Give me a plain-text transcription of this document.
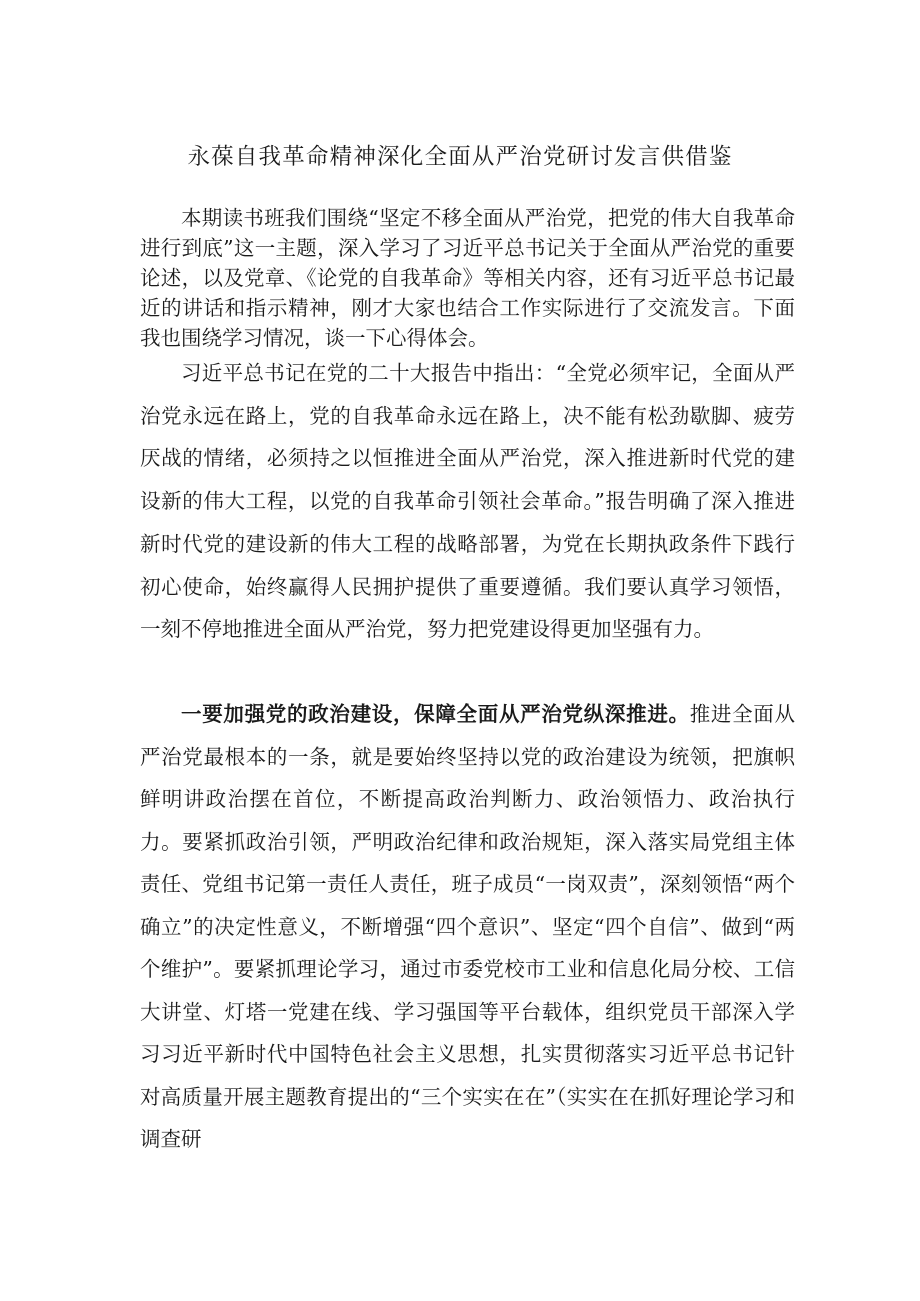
永葆自我革命精神深化全面从严治党研讨发言供借鉴

本期读书班我们围绕“坚定不移全面从严治党，把党的伟大自我革命进行到底”这一主题，深入学习了习近平总书记关于全面从严治党的重要论述，以及党章、《论党的自我革命》等相关内容，还有习近平总书记最近的讲话和指示精神，刚才大家也结合工作实际进行了交流发言。下面我也围绕学习情况，谈一下心得体会。

习近平总书记在党的二十大报告中指出：“全党必须牢记，全面从严治党永远在路上，党的自我革命永远在路上，决不能有松劲歇脚、疲劳厌战的情绪，必须持之以恒推进全面从严治党，深入推进新时代党的建设新的伟大工程，以党的自我革命引领社会革命。”报告明确了深入推进新时代党的建设新的伟大工程的战略部署，为党在长期执政条件下践行初心使命，始终赢得人民拥护提供了重要遵循。我们要认真学习领悟，一刻不停地推进全面从严治党，努力把党建设得更加坚强有力。

一要加强党的政治建设，保障全面从严治党纵深推进。推进全面从严治党最根本的一条，就是要始终坚持以党的政治建设为统领，把旗帜鲜明讲政治摆在首位，不断提高政治判断力、政治领悟力、政治执行力。要紧抓政治引领，严明政治纪律和政治规矩，深入落实局党组主体责任、党组书记第一责任人责任，班子成员“一岗双责”，深刻领悟“两个确立”的决定性意义，不断增强“四个意识”、坚定“四个自信”、做到“两个维护”。要紧抓理论学习，通过市委党校市工业和信息化局分校、工信大讲堂、灯塔一党建在线、学习强国等平台载体，组织党员干部深入学习习近平新时代中国特色社会主义思想，扎实贯彻落实习近平总书记针对高质量开展主题教育提出的“三个实实在在”（实实在在抓好理论学习和调查研
